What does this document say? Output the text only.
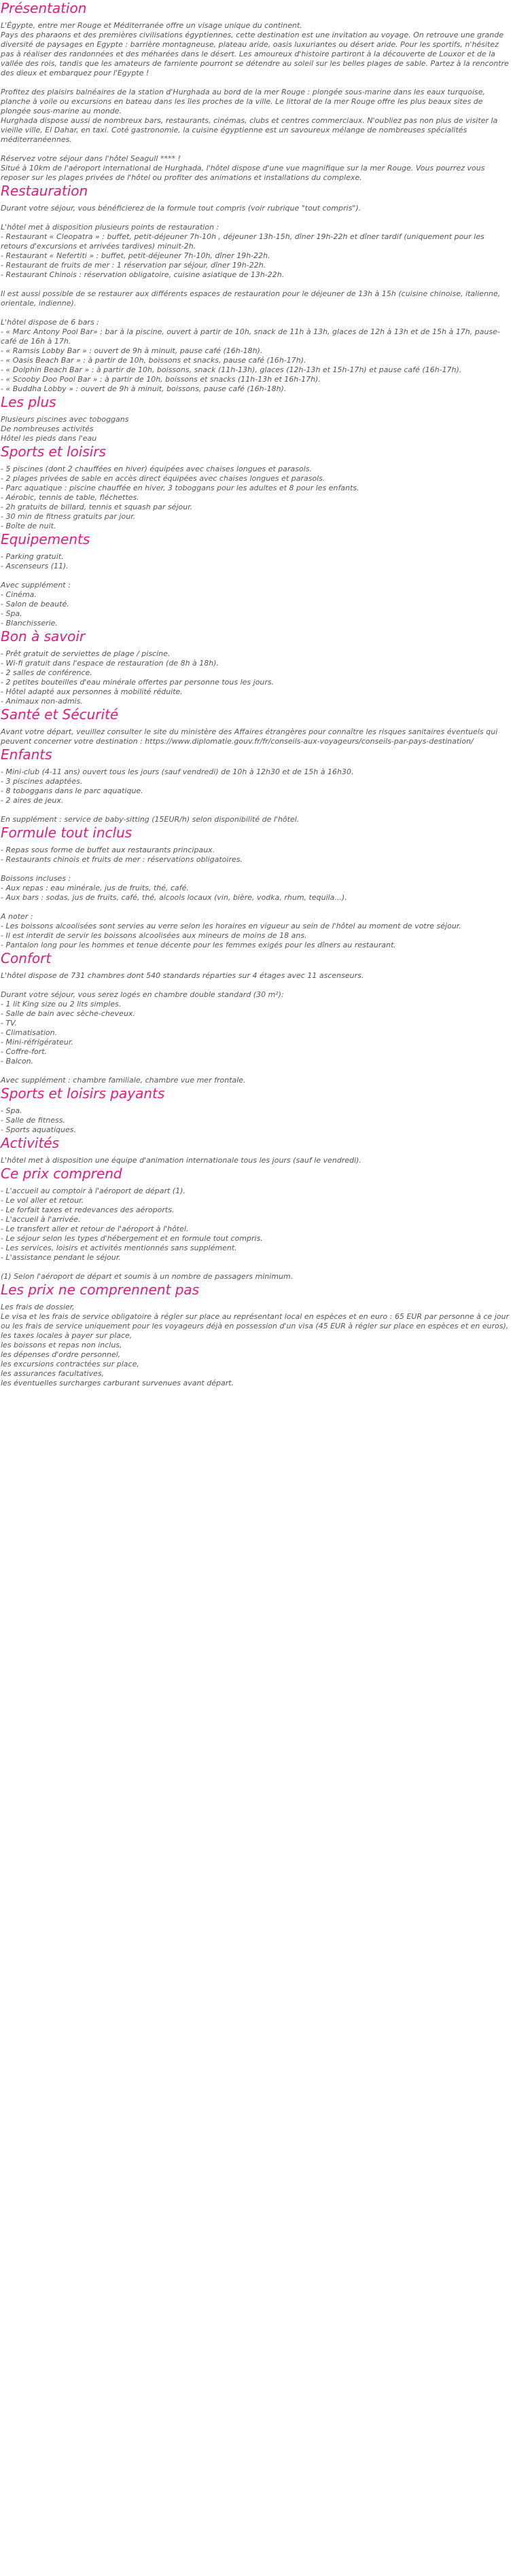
Présentation

L'Égypte, entre mer Rouge et Méditerranée offre un visage unique du continent.

Pays des pharaons et des premières civilisations égyptiennes, cette destination est une invitation au voyage. On retrouve une grande diversité de paysages en Egypte : barrière montagneuse, plateau aride, oasis luxuriantes ou désert aride. Pour les sportifs, n'hésitez pas à réaliser des randonnées et des méharées dans le désert. Les amoureux d'histoire partiront à la découverte de Louxor et de la vallée des rois, tandis que les amateurs de farniente pourront se détendre au soleil sur les belles plages de sable. Partez à la rencontre des dieux et embarquez pour l'Egypte !

Profitez des plaisirs balnéaires de la station d'Hurghada au bord de la mer Rouge : plongée sous-marine dans les eaux turquoise, planche à voile ou excursions en bateau dans les îles proches de la ville. Le littoral de la mer Rouge offre les plus beaux sites de plongée sous-marine au monde.

Hurghada dispose aussi de nombreux bars, restaurants, cinémas, clubs et centres commerciaux. N'oubliez pas non plus de visiter la vieille ville, El Dahar, en taxi. Coté gastronomie, la cuisine égyptienne est un savoureux mélange de nombreuses spécialités méditerranéennes.

Réservez votre séjour dans l'hôtel Seagull **** !

Situé à 10km de l'aéroport international de Hurghada, l'hôtel dispose d'une vue magnifique sur la mer Rouge. Vous pourrez vous reposer sur les plages privées de l'hôtel ou profiter des animations et installations du complexe.

Restauration

Durant votre séjour, vous bénéficierez de la formule tout compris (voir rubrique "tout compris").

L'hôtel met à disposition plusieurs points de restauration :

- Restaurant « Cleopatra » : buffet, petit-déjeuner 7h-10h , déjeuner 13h-15h, dîner 19h-22h et dîner tardif (uniquement pour les retours d'excursions et arrivées tardives) minuit-2h.

- Restaurant « Nefertiti » : buffet, petit-déjeuner 7h-10h, dîner 19h-22h.

- Restaurant de fruits de mer : 1 réservation par séjour, dîner 19h-22h.

- Restaurant Chinois : réservation obligatoire, cuisine asiatique de 13h-22h.

Il est aussi possible de se restaurer aux différents espaces de restauration pour le déjeuner de 13h à 15h (cuisine chinoise, italienne, orientale, indienne).

L'hôtel dispose de 6 bars :

- « Marc Antony Pool Bar» : bar à la piscine, ouvert à partir de 10h, snack de 11h à 13h, glaces de 12h à 13h et de 15h à 17h, pause-café de 16h à 17h.

- « Ramsis Lobby Bar » : ouvert de 9h à minuit, pause café (16h-18h).

- « Oasis Beach Bar » : à partir de 10h, boissons et snacks, pause café (16h-17h).

- « Dolphin Beach Bar » : à partir de 10h, boissons, snack (11h-13h), glaces (12h-13h et 15h-17h) et pause café (16h-17h).

- « Scooby Doo Pool Bar » : à partir de 10h, boissons et snacks (11h-13h et 16h-17h).

- « Buddha Lobby » : ouvert de 9h à minuit, boissons, pause café (16h-18h).

Les plus

Plusieurs piscines avec toboggans

De nombreuses activités

Hôtel les pieds dans l'eau

Sports et loisirs

- 5 piscines (dont 2 chauffées en hiver) équipées avec chaises longues et parasols.

- 2 plages privées de sable en accès direct équipées avec chaises longues et parasols.

- Parc aquatique : piscine chauffée en hiver, 3 toboggans pour les adultes et 8 pour les enfants.

- Aérobic, tennis de table, fléchettes.

- 2h gratuits de billard, tennis et squash par séjour.

- 30 min de fitness gratuits par jour.

- Boîte de nuit.

Equipements

- Parking gratuit.

- Ascenseurs (11).

Avec supplément :

- Cinéma.

- Salon de beauté.

- Spa.

- Blanchisserie.

Bon à savoir

- Prêt gratuit de serviettes de plage / piscine.

- Wi-fi gratuit dans l'espace de restauration (de 8h à 18h).

- 2 salles de conférence.

- 2 petites bouteilles d'eau minérale offertes par personne tous les jours.

- Hôtel adapté aux personnes à mobilité réduite.

- Animaux non-admis.

Santé et Sécurité

Avant votre départ, veuillez consulter le site du ministère des Affaires étrangères pour connaître les risques sanitaires éventuels qui peuvent concerner votre destination : https://www.diplomatie.gouv.fr/fr/conseils-aux-voyageurs/conseils-par-pays-destination/

Enfants

- Mini-club (4-11 ans) ouvert tous les jours (sauf vendredi) de 10h à 12h30 et de 15h à 16h30.

- 3 piscines adaptées.

- 8 toboggans dans le parc aquatique.

- 2 aires de jeux.

En supplément : service de baby-sitting (15EUR/h) selon disponibilité de l'hôtel.

Formule tout inclus

- Repas sous forme de buffet aux restaurants principaux.

- Restaurants chinois et fruits de mer : réservations obligatoires.

Boissons incluses :

- Aux repas : eau minérale, jus de fruits, thé, café.

- Aux bars : sodas, jus de fruits, café, thé, alcools locaux (vin, bière, vodka, rhum, tequila...).

A noter :

- Les boissons alcoolisées sont servies au verre selon les horaires en vigueur au sein de l'hôtel au moment de votre séjour.

- Il est interdit de servir les boissons alcoolisées aux mineurs de moins de 18 ans.

- Pantalon long pour les hommes et tenue décente pour les femmes exigés pour les dîners au restaurant.

Confort

L'hôtel dispose de 731 chambres dont 540 standards réparties sur 4 étages avec 11 ascenseurs.

Durant votre séjour, vous serez logés en chambre double standard (30 m²):

- 1 lit King size ou 2 lits simples.

- Salle de bain avec sèche-cheveux.

- TV.

- Climatisation.

- Mini-réfrigérateur.

- Coffre-fort.

- Balcon.

Avec supplément : chambre familiale, chambre vue mer frontale.

Sports et loisirs payants

- Spa.

- Salle de fitness.

- Sports aquatiques.

Activités

L'hôtel met à disposition une équipe d'animation internationale tous les jours (sauf le vendredi).

Ce prix comprend

- L'accueil au comptoir à l'aéroport de départ (1).

- Le vol aller et retour.

- Le forfait taxes et redevances des aéroports.

- L'accueil à l'arrivée.

- Le transfert aller et retour de l'aéroport à l'hôtel.

- Le séjour selon les types d'hébergement et en formule tout compris.

- Les services, loisirs et activités mentionnés sans supplément.

- L'assistance pendant le séjour.

(1) Selon l'aéroport de départ et soumis à un nombre de passagers minimum.

Les prix ne comprennent pas

Les frais de dossier,

Le visa et les frais de service obligatoire à régler sur place au représentant local en espèces et en euro : 65 EUR par personne à ce jour ou les frais de service uniquement pour les voyageurs déjà en possession d'un visa (45 EUR à régler sur place en espèces et en euros),

les taxes locales à payer sur place,

les boissons et repas non inclus,

les dépenses d'ordre personnel,

les excursions contractées sur place,

les assurances facultatives,

les éventuelles surcharges carburant survenues avant départ.
